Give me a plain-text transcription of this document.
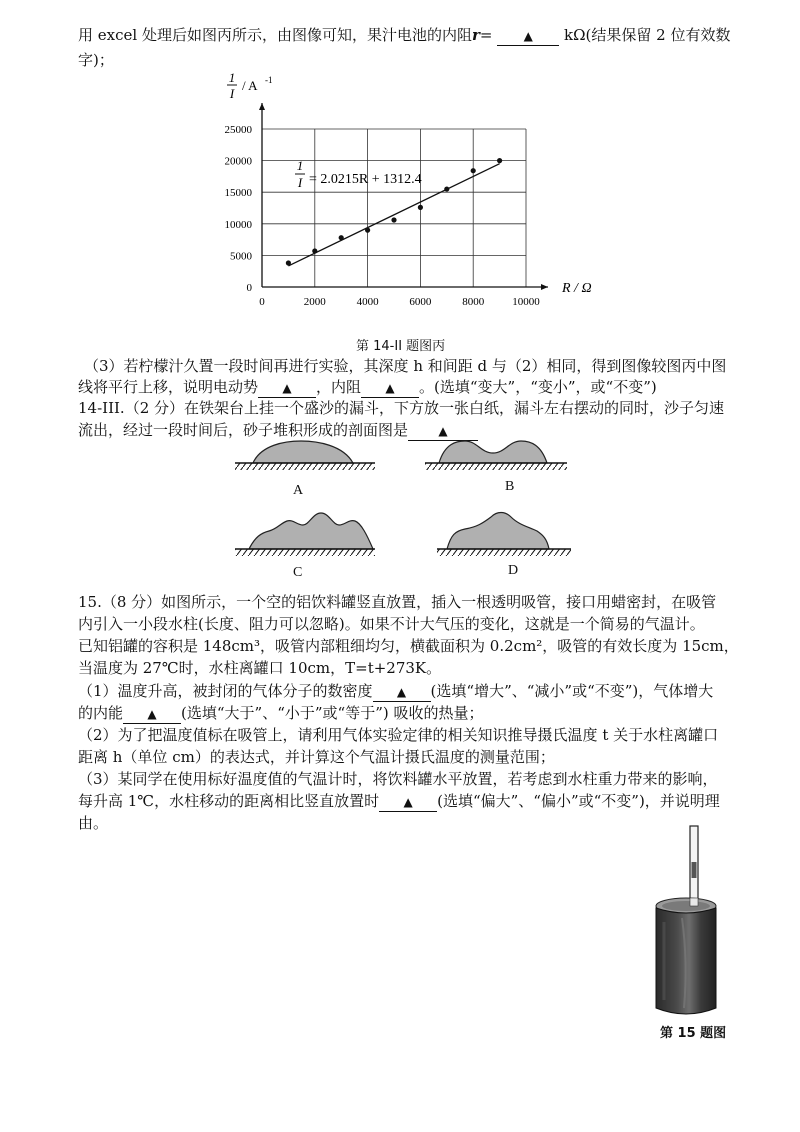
用 excel 处理后如图丙所示，由图像可知，果汁电池的内阻r=	▲ kΩ(结果保留 2 位有效数
字)；
0	2000	4000	6000	8000	10000
0
5000
10000
15000
20000
25000
1
I
/ A -1
R / Ω
1
I = 2.0215R + 1312.4
第 14-II 题图丙
（3）若柠檬汁久置一段时间再进行实验，其深度 h 和间距 d 与（2）相同，得到图像较图丙中图
线将平行上移，说明电动势 ▲ ，内阻 ▲ 。(选填“变大”，“变小”，或“不变”)
14-III.（2 分）在铁架台上挂一个盛沙的漏斗，下方放一张白纸，漏斗左右摆动的同时，沙子匀速
流出，经过一段时间后，砂子堆积形成的剖面图是	▲
A	B
C	D
15.（8 分）如图所示，一个空的铝饮料罐竖直放置，插入一根透明吸管，接口用蜡密封，在吸管
内引入一小段水柱(长度、阻力可以忽略)。如果不计大气压的变化，这就是一个简易的气温计。
已知铝罐的容积是 148cm³，吸管内部粗细均匀，横截面积为 0.2cm²，吸管的有效长度为 15cm，
当温度为 27℃时，水柱离罐口 10cm，T=t+273K。
（1）温度升高，被封闭的气体分子的数密度 ▲ (选填“增大”、“减小”或“不变”)，气体增大
的内能 ▲ (选填“大于”、“小于”或“等于”) 吸收的热量；
（2）为了把温度值标在吸管上，请利用气体实验定律的相关知识推导摄氏温度 t 关于水柱离罐口
距离 h（单位 cm）的表达式，并计算这个气温计摄氏温度的测量范围；
（3）某同学在使用标好温度值的气温计时，将饮料罐水平放置，若考虑到水柱重力带来的影响，
每升高 1℃，水柱移动的距离相比竖直放置时 ▲ (选填“偏大”、“偏小”或“不变”)，并说明理
由。
第 15 题图
